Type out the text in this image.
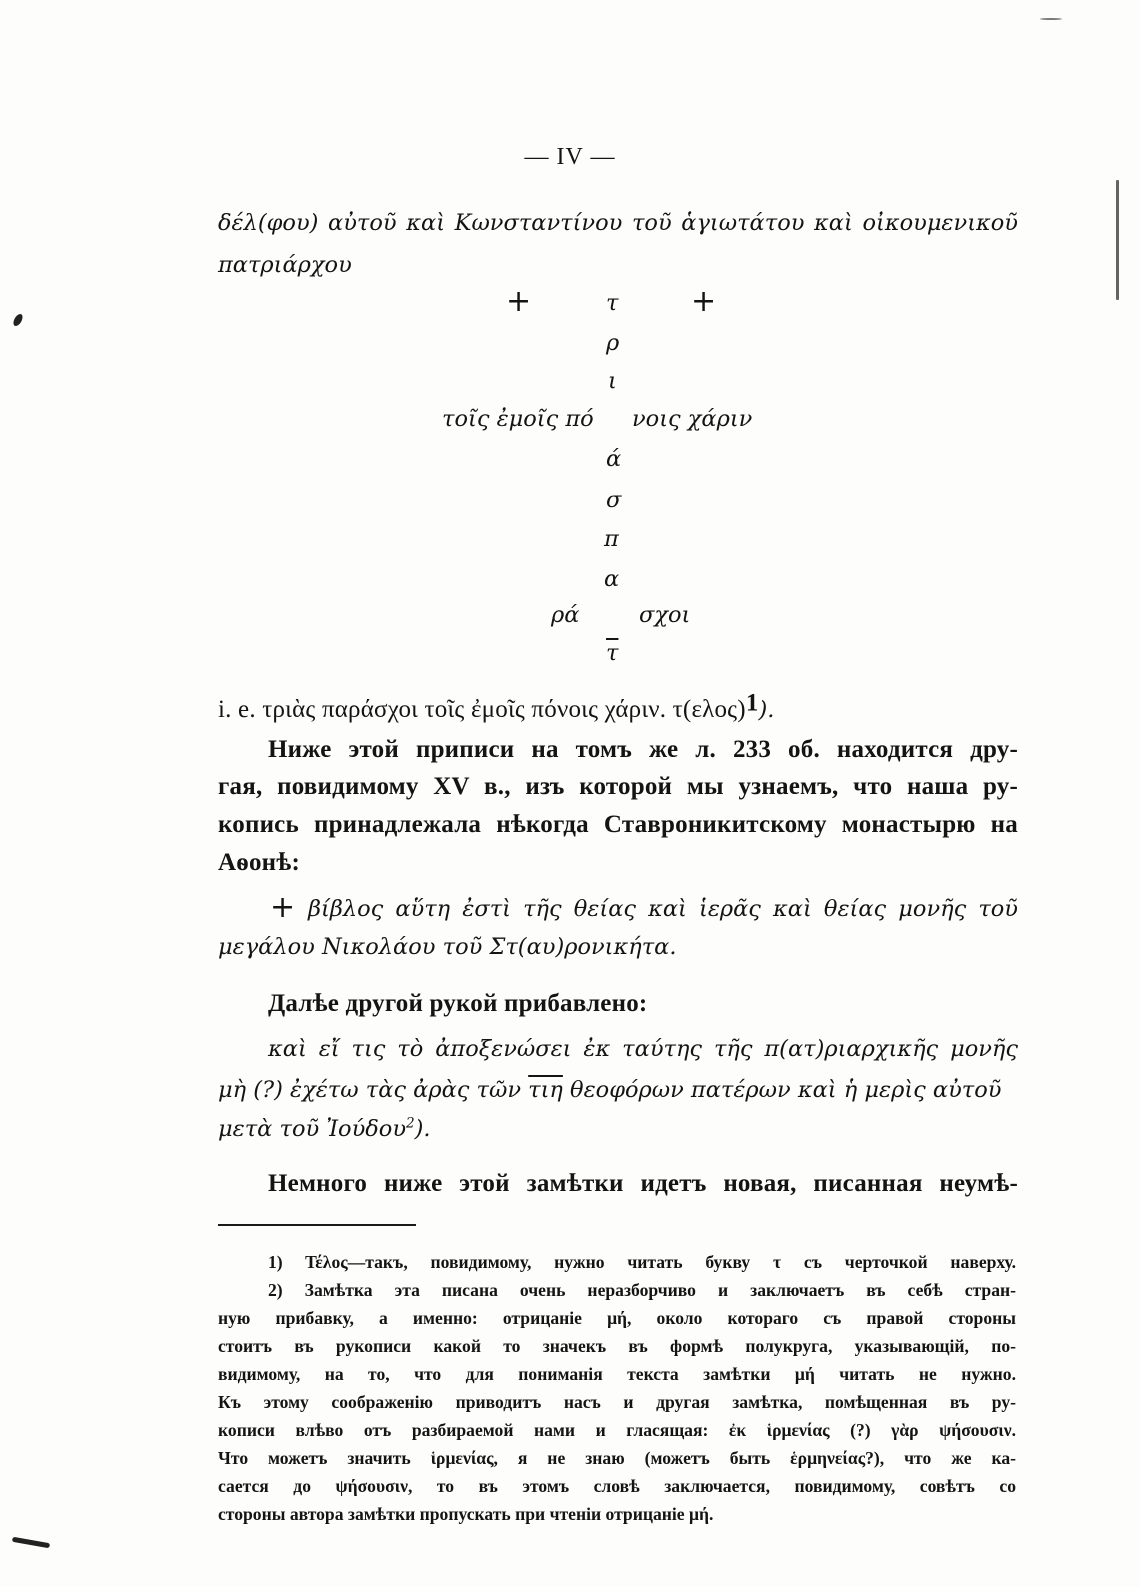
— IV —
δέλ(φου) αὐτοῦ καὶ Κωνσταντίνου τοῦ ἁγιωτάτου καὶ οἰκουμενικοῦ
πατριάρχου
+	+
τ
ρ
ι
τοῖς ἐμοῖς πό νοις χάριν
ά
σ
π
α
ρά	σχοι
$\overline{\tau}$
i. e. τριὰς παράσχοι τοῖς ἐμοῖς πόνοις χάριν. $\tau(\varepsilon\lambda o\varsigma)^1$).
Ниже этой приписи на томъ же л. 233 об. находится дру-
гая, повидимому XV в., изъ которой мы узнаемъ, что наша ру-
копись принадлежала нѣкогда Ставроникитскому монастырю на
Аѳонѣ:
+ βίβλος αὕτη ἐστὶ τῆς θείας καὶ ἱερᾶς καὶ θείας μονῆς τοῦ
μεγάλου Νικολάου τοῦ Στ(αυ)ρονικήτα.
Далѣе другой рукой прибавлено:
καὶ εἴ τις τὸ ἀποξενώσει ἐκ ταύτης τῆς π(ατ)ριαρχικῆς μονῆς
μὴ (?) ἐχέτω τὰς ἀρὰς τῶν $\overline{\tau\iota\eta}$ θεοφόρων πατέρων καὶ ἡ μερὶς αὐτοῦ
μετὰ τοῦ Ἰούδου$^2$).
Немного ниже этой замѣтки идетъ новая, писанная неумѣ-
1) Τέλος—такъ, повидимому, нужно читать букву τ съ черточкой наверху.
2) Замѣтка эта писана очень неразборчиво и заключаетъ въ себѣ стран-
ную прибавку, а именно: отрицаніе μή, около котораго съ правой стороны
стоитъ въ рукописи какой то значекъ въ формѣ полукруга, указывающій, по-
видимому, на то, что для пониманія текста замѣтки μή читать не нужно.
Къ этому соображенію приводитъ насъ и другая замѣтка, помѣщенная въ ру-
кописи влѣво отъ разбираемой нами и гласящая: ἐκ ἱρμενίας (?) γὰρ ψήσουσιν.
Что можетъ значить ἱρμενίας, я не знаю (можетъ быть ἑρμηνείας?), что же ка-
сается до ψήσουσιν, то въ этомъ словѣ заключается, повидимому, совѣтъ со
стороны автора замѣтки пропускать при чтеніи отрицаніе μή.
